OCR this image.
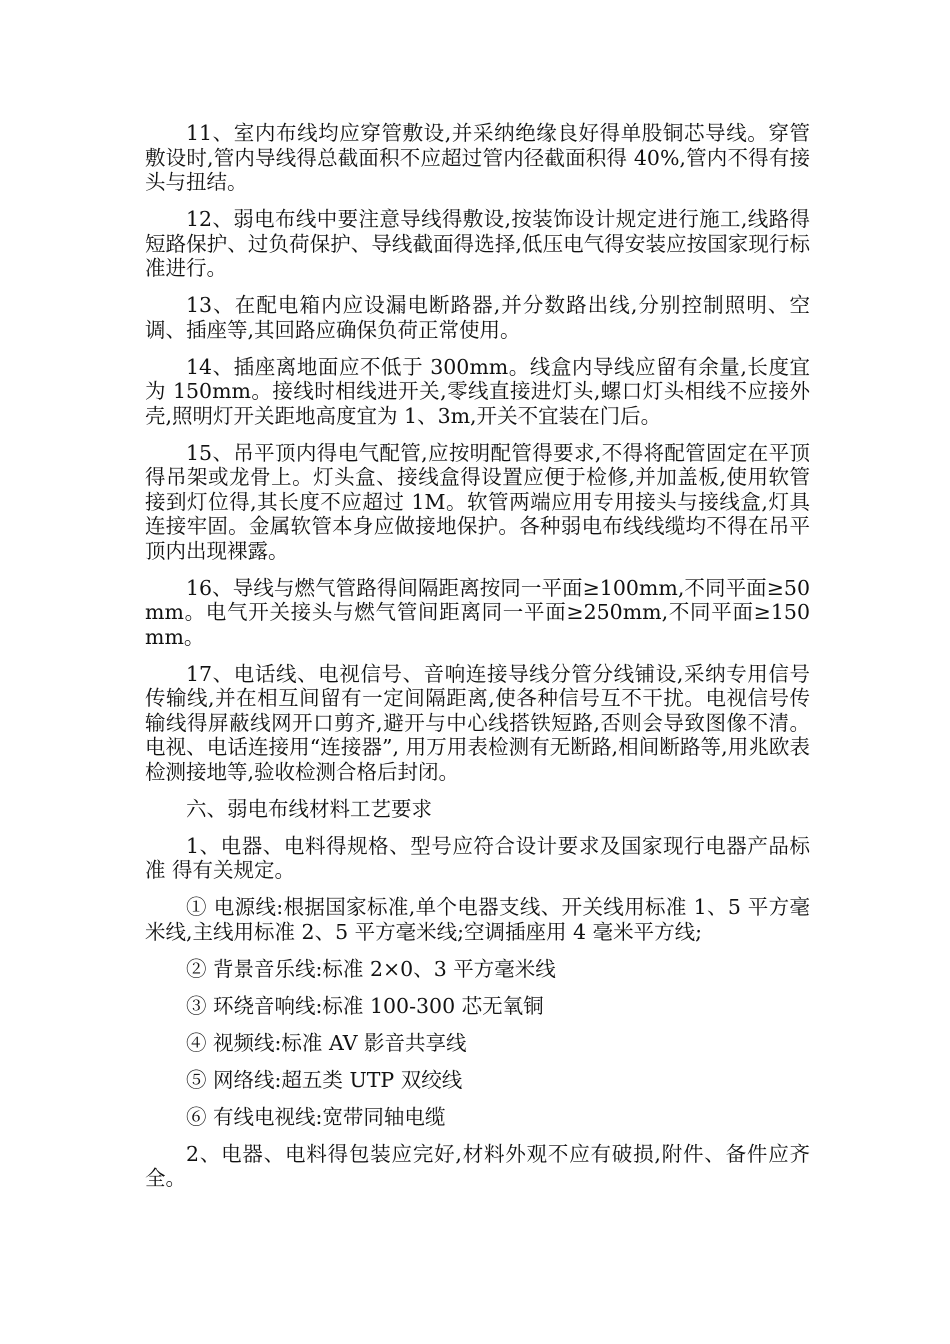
11、室内布线均应穿管敷设,并采纳绝缘良好得单股铜芯导线。穿管敷设时,管内导线得总截面积不应超过管内径截面积得 40%,管内不得有接头与扭结。

12、弱电布线中要注意导线得敷设,按装饰设计规定进行施工,线路得短路保护、过负荷保护、导线截面得选择,低压电气得安装应按国家现行标准进行。

13、在配电箱内应设漏电断路器,并分数路出线,分别控制照明、空调、插座等,其回路应确保负荷正常使用。

14、插座离地面应不低于 300mm。线盒内导线应留有余量,长度宜为 150mm。接线时相线进开关,零线直接进灯头,螺口灯头相线不应接外壳,照明灯开关距地高度宜为 1、3m,开关不宜装在门后。

15、吊平顶内得电气配管,应按明配管得要求,不得将配管固定在平顶得吊架或龙骨上。灯头盒、接线盒得设置应便于检修,并加盖板,使用软管接到灯位得,其长度不应超过 1M。软管两端应用专用接头与接线盒,灯具连接牢固。金属软管本身应做接地保护。各种弱电布线线缆均不得在吊平顶内出现裸露。

16、导线与燃气管路得间隔距离按同一平面≥100mm,不同平面≥50mm。电气开关接头与燃气管间距离同一平面≥250mm,不同平面≥150mm。

17、电话线、电视信号、音响连接导线分管分线铺设,采纳专用信号传输线,并在相互间留有一定间隔距离,使各种信号互不干扰。电视信号传输线得屏蔽线网开口剪齐,避开与中心线搭铁短路,否则会导致图像不清。电视、电话连接用“连接器”, 用万用表检测有无断路,相间断路等,用兆欧表检测接地等,验收检测合格后封闭。

六、弱电布线材料工艺要求

1、电器、电料得规格、型号应符合设计要求及国家现行电器产品标准 得有关规定。

① 电源线:根据国家标准,单个电器支线、开关线用标准 1、5 平方毫米线,主线用标准 2、5 平方毫米线;空调插座用 4 毫米平方线;

② 背景音乐线:标准 2×0、3 平方毫米线

③ 环绕音响线:标准 100-300 芯无氧铜

④ 视频线:标准 AV 影音共享线

⑤ 网络线:超五类 UTP 双绞线

⑥ 有线电视线:宽带同轴电缆

2、电器、电料得包装应完好,材料外观不应有破损,附件、备件应齐全。
